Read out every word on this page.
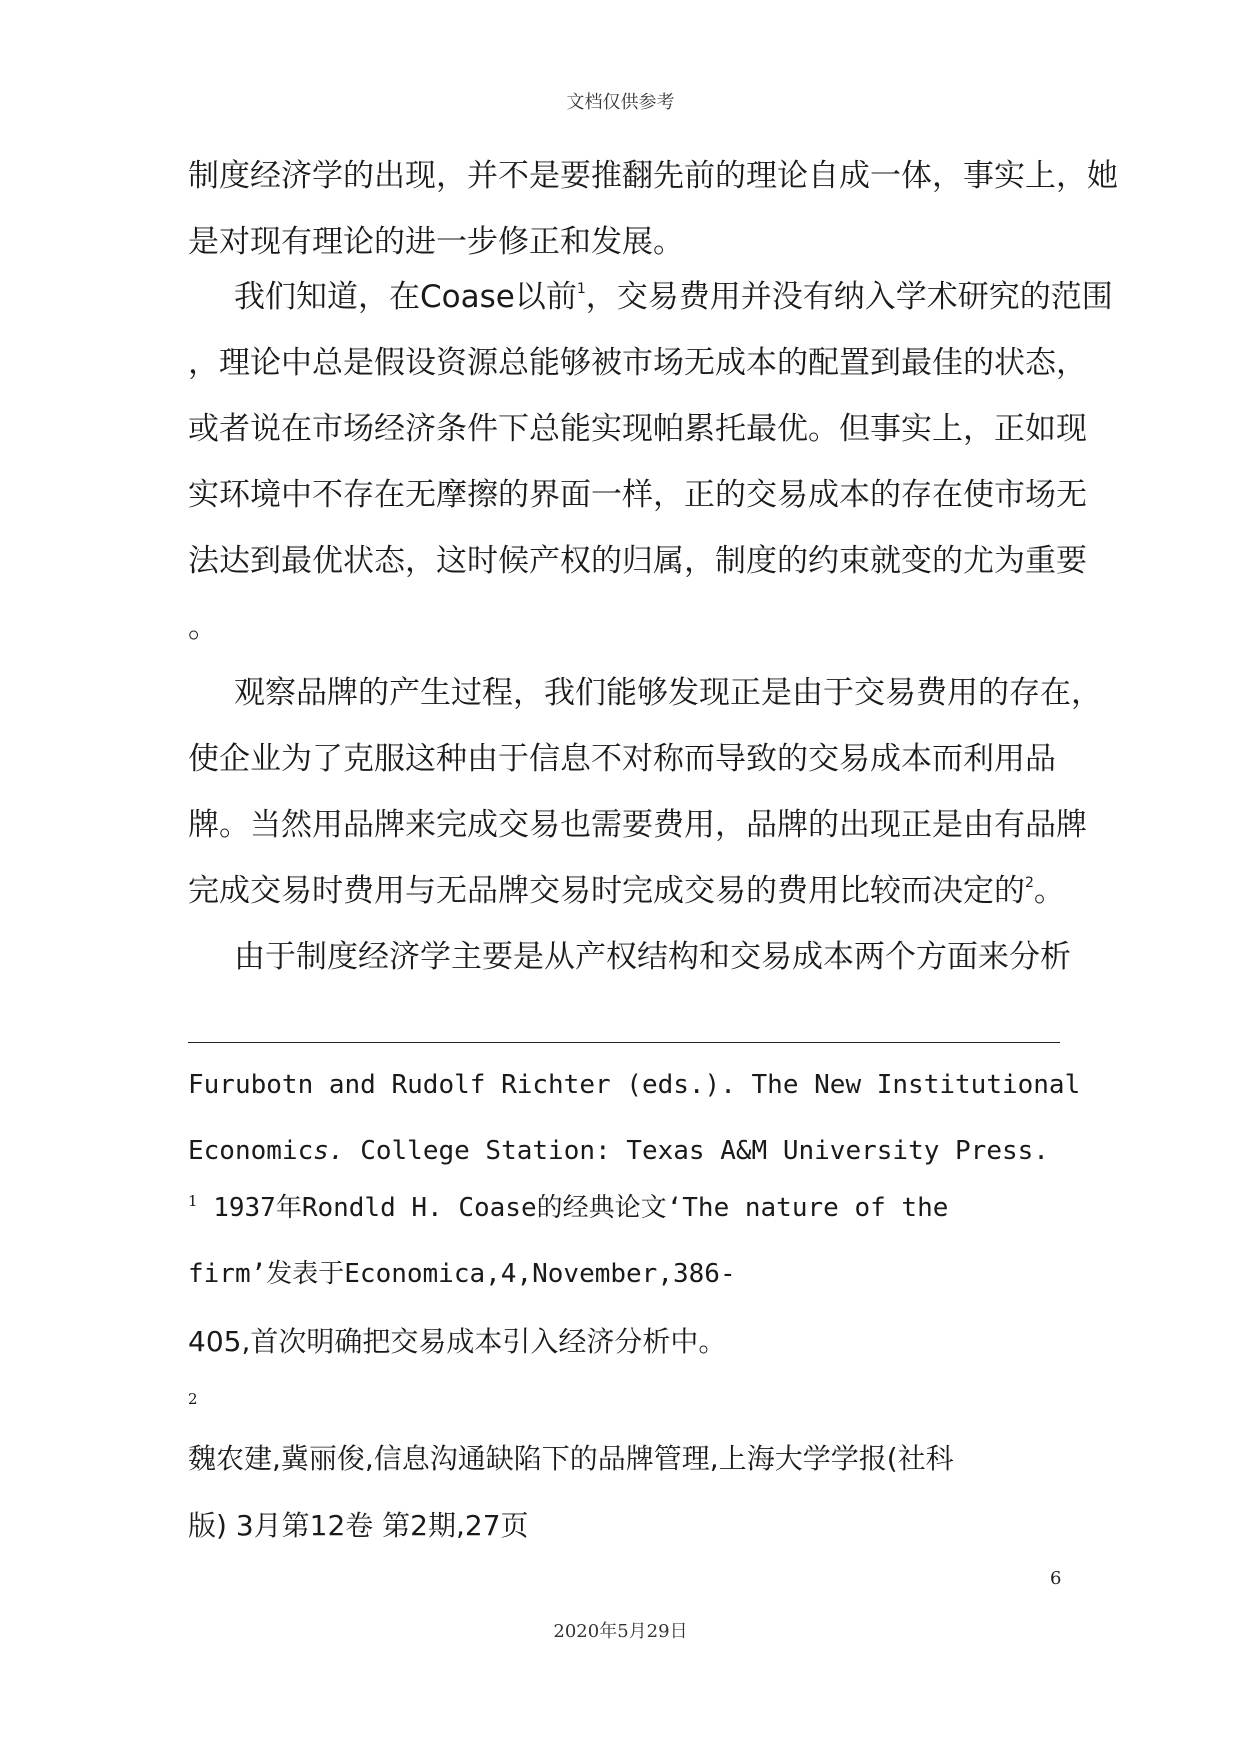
文档仅供参考
制度经济学的出现，并不是要推翻先前的理论自成一体，事实上，她
是对现有理论的进一步修正和发展。
我们知道，在Coase以前$^1$，交易费用并没有纳入学术研究的范围
，理论中总是假设资源总能够被市场无成本的配置到最佳的状态，
或者说在市场经济条件下总能实现帕累托最优。但事实上，正如现
实环境中不存在无摩擦的界面一样，正的交易成本的存在使市场无
法达到最优状态，这时候产权的归属，制度的约束就变的尤为重要
。
观察品牌的产生过程，我们能够发现正是由于交易费用的存在，
使企业为了克服这种由于信息不对称而导致的交易成本而利用品
牌。当然用品牌来完成交易也需要费用，品牌的出现正是由有品牌
完成交易时费用与无品牌交易时完成交易的费用比较而决定的$^2$。
由于制度经济学主要是从产权结构和交易成本两个方面来分析
Furubotn and Rudolf Richter (eds.). The New Institutional
Economics. College Station: Texas A&M University Press.
1 1937年Rondld H. Coase的经典论文‘The nature of the
firm’发表于Economica,4,November,386-
405,首次明确把交易成本引入经济分析中。
2
魏农建,冀丽俊,信息沟通缺陷下的品牌管理,上海大学学报(社科
版) 3月第12卷 第2期,27页
6
2020年5月29日
